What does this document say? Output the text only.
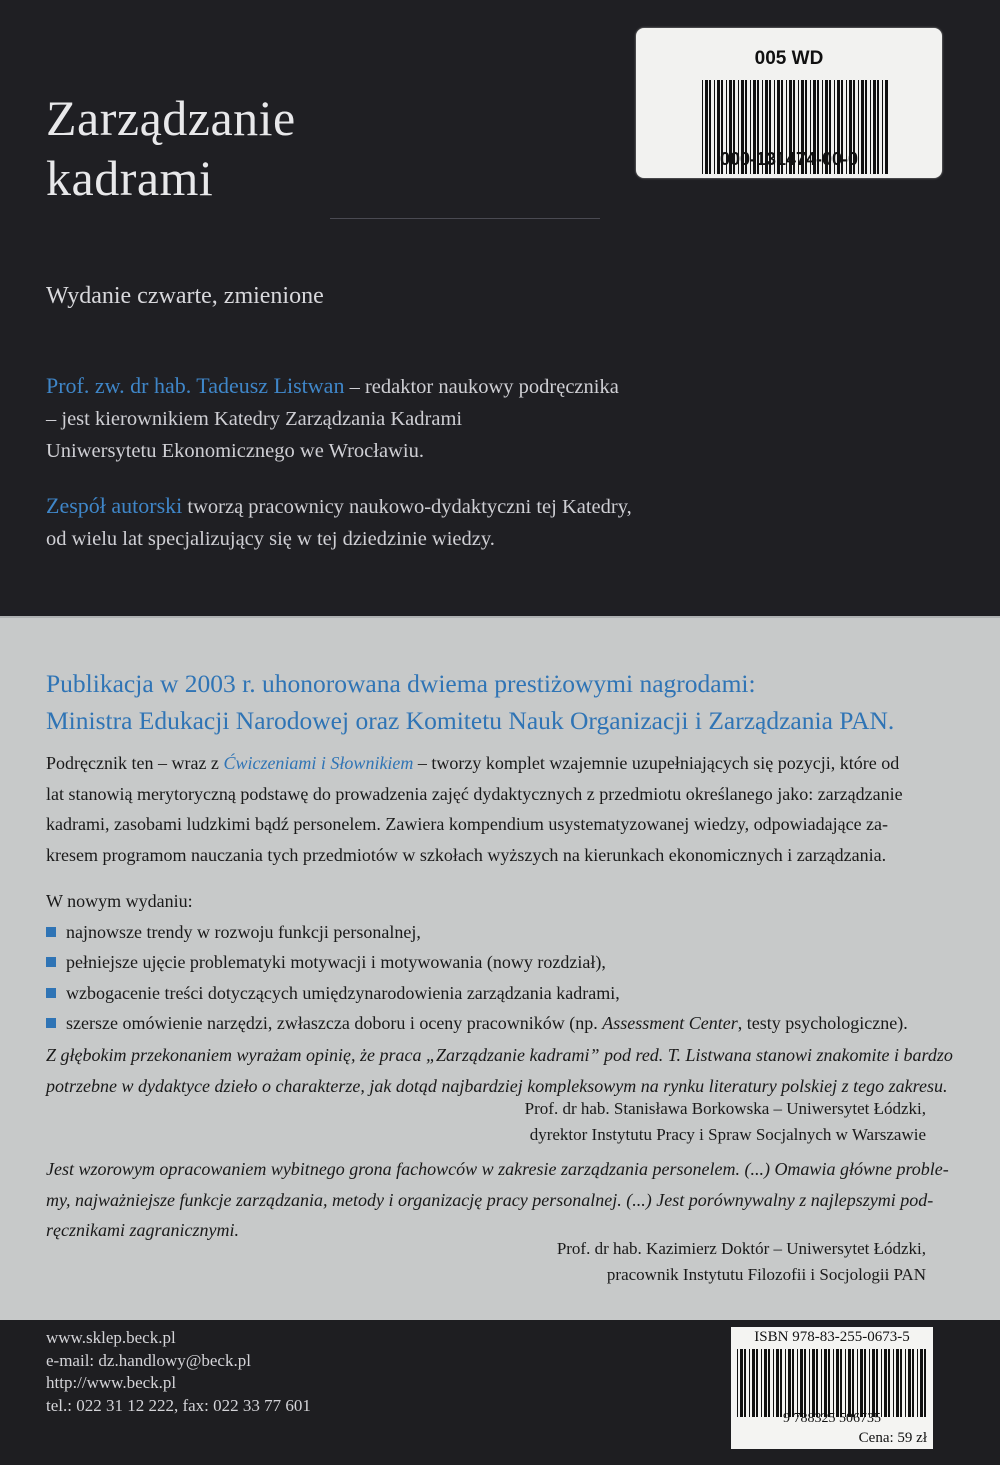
Zarządzanie
kadrami
Wydanie czwarte, zmienione
Prof. zw. dr hab. Tadeusz Listwan – redaktor naukowy podręcznika
– jest kierownikiem Katedry Zarządzania Kadrami
Uniwersytetu Ekonomicznego we Wrocławiu.
Zespół autorski tworzą pracownicy naukowo-dydaktyczni tej Katedry,
od wielu lat specjalizujący się w tej dziedzinie wiedzy.
005 WD
000-131474-00-0
Publikacja w 2003 r. uhonorowana dwiema prestiżowymi nagrodami:
Ministra Edukacji Narodowej oraz Komitetu Nauk Organizacji i Zarządzania PAN.
Podręcznik ten – wraz z Ćwiczeniami i Słownikiem – tworzy komplet wzajemnie uzupełniających się pozycji, które od
lat stanowią merytoryczną podstawę do prowadzenia zajęć dydaktycznych z przedmiotu określanego jako: zarządzanie
kadrami, zasobami ludzkimi bądź personelem. Zawiera kompendium usystematyzowanej wiedzy, odpowiadające za-
kresem programom nauczania tych przedmiotów w szkołach wyższych na kierunkach ekonomicznych i zarządzania.
W nowym wydaniu:
najnowsze trendy w rozwoju funkcji personalnej,
pełniejsze ujęcie problematyki motywacji i motywowania (nowy rozdział),
wzbogacenie treści dotyczących umiędzynarodowienia zarządzania kadrami,
szersze omówienie narzędzi, zwłaszcza doboru i oceny pracowników (np. Assessment Center, testy psychologiczne).
Z głębokim przekonaniem wyrażam opinię, że praca „Zarządzanie kadrami” pod red. T. Listwana stanowi znakomite i bardzo
potrzebne w dydaktyce dzieło o charakterze, jak dotąd najbardziej kompleksowym na rynku literatury polskiej z tego zakresu.
Prof. dr hab. Stanisława Borkowska – Uniwersytet Łódzki,
dyrektor Instytutu Pracy i Spraw Socjalnych w Warszawie
Jest wzorowym opracowaniem wybitnego grona fachowców w zakresie zarządzania personelem. (...) Omawia główne proble-
my, najważniejsze funkcje zarządzania, metody i organizację pracy personalnej. (...) Jest porównywalny z najlepszymi pod-
ręcznikami zagranicznymi.
Prof. dr hab. Kazimierz Doktór – Uniwersytet Łódzki,
pracownik Instytutu Filozofii i Socjologii PAN
www.sklep.beck.pl
e-mail: dz.handlowy@beck.pl
http://www.beck.pl
tel.: 022 31 12 222, fax: 022 33 77 601
ISBN 978-83-255-0673-5
9 788325 506735
Cena: 59 zł
